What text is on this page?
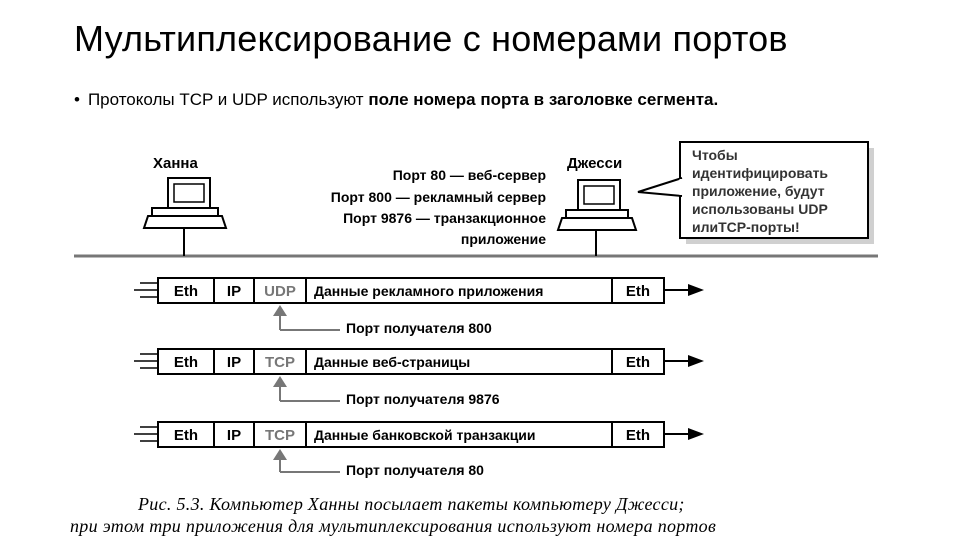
Мультиплексирование с номерами портов
• Протоколы TCP и UDP используют поле номера порта в заголовке сегмента.
Ханна	Джесси
Порт 80 — веб-сервер
Порт 800 — рекламный сервер
Порт 9876 — транзакционное
приложение
Чтобы
идентифицировать
приложение, будут
использованы UDP
илиTCP-порты!
Eth IP UDP Данные рекламного приложения	Eth
Порт получателя 800
Eth IP TCP Данные веб-страницы	Eth
Порт получателя 9876
Eth IP TCP Данные банковской транзакции	Eth
Порт получателя 80
Рис. 5.3. Компьютер Ханны посылает пакеты компьютеру Джесси;
при этом три приложения для мультиплексирования используют номера портов
